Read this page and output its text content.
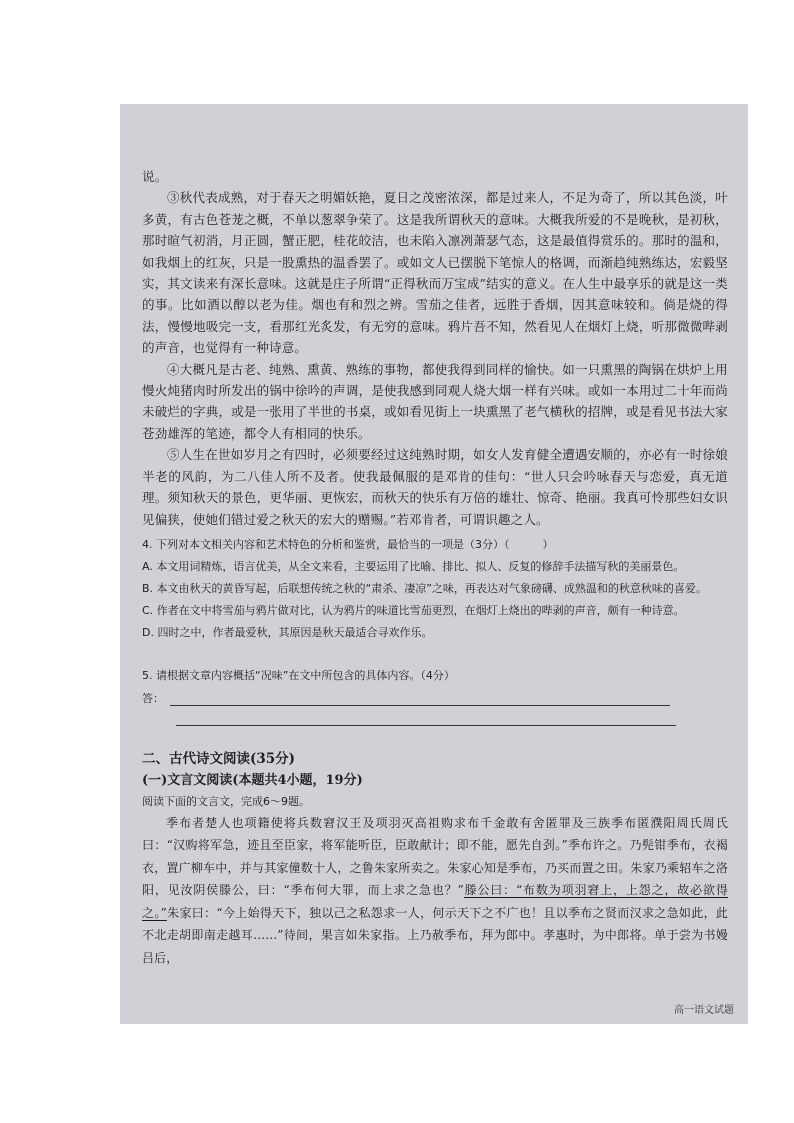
说。

③秋代表成熟，对于春天之明媚妖艳，夏日之茂密浓深，都是过来人，不足为奇了，所以其色淡，叶多黄，有古色苍茏之概，不单以葱翠争荣了。这是我所谓秋天的意味。大概我所爱的不是晚秋，是初秋，那时暄气初消，月正圆，蟹正肥，桂花皎洁，也未陷入凛冽萧瑟气态，这是最值得赏乐的。那时的温和，如我烟上的红灰，只是一股熏热的温香罢了。或如文人已摆脱下笔惊人的格调，而渐趋纯熟练达，宏毅坚实，其文读来有深长意味。这就是庄子所谓“正得秋而万宝成”结实的意义。在人生中最享乐的就是这一类的事。比如酒以醇以老为佳。烟也有和烈之辨。雪茄之佳者，远胜于香烟，因其意味较和。倘是烧的得法，慢慢地吸完一支，看那红光炙发，有无穷的意味。鸦片吾不知，然看见人在烟灯上烧，听那微微哔剥的声音，也觉得有一种诗意。

④大概凡是古老、纯熟、熏黄、熟练的事物，都使我得到同样的愉快。如一只熏黑的陶锅在烘炉上用慢火炖猪肉时所发出的锅中徐吟的声调，是使我感到同观人烧大烟一样有兴味。或如一本用过二十年而尚未破烂的字典，或是一张用了半世的书桌，或如看见街上一块熏黑了老气横秋的招牌，或是看见书法大家苍劲雄浑的笔迹，都令人有相同的快乐。

⑤人生在世如岁月之有四时，必须要经过这纯熟时期，如女人发育健全遭遇安顺的，亦必有一时徐娘半老的风韵，为二八佳人所不及者。使我最佩服的是邓肯的佳句：“世人只会吟咏春天与恋爱，真无道理。须知秋天的景色，更华丽、更恢宏，而秋天的快乐有万倍的雄壮、惊奇、艳丽。我真可怜那些妇女识见偏狭，使她们错过爱之秋天的宏大的赠赐。”若邓肯者，可谓识趣之人。

4. 下列对本文相关内容和艺术特色的分析和鉴赏，最恰当的一项是（3分）（　　　）

A. 本文用词精炼，语言优美，从全文来看，主要运用了比喻、排比、拟人、反复的修辞手法描写秋的美丽景色。

B. 本文由秋天的黄昏写起，后联想传统之秋的“肃杀、凄凉”之味，再表达对气象磅礴、成熟温和的秋意秋味的喜爱。

C. 作者在文中将雪茄与鸦片做对比，认为鸦片的味道比雪茄更烈，在烟灯上烧出的哔剥的声音，颇有一种诗意。

D. 四时之中，作者最爱秋，其原因是秋天最适合寻欢作乐。

5. 请根据文章内容概括“况味”在文中所包含的具体内容。（4分）

答：
二、古代诗文阅读(35分)
(一)文言文阅读(本题共4小题，19分)

阅读下面的文言文，完成6～9题。

季布者楚人也项籍使将兵数窘汉王及项羽灭高祖购求布千金敢有舍匿罪及三族季布匿濮阳周氏周氏曰：“汉购将军急，迹且至臣家，将军能听臣，臣敢献计；即不能，愿先自刭。”季布许之。乃髡钳季布，衣褐衣，置广柳车中，并与其家僮数十人，之鲁朱家所卖之。朱家心知是季布，乃买而置之田。朱家乃乘轺车之洛阳，见汝阴侯滕公，曰：“季布何大罪，而上求之急也？”滕公曰：“布数为项羽窘上，上怨之，故必欲得之。”朱家曰：“今上始得天下，独以己之私怨求一人，何示天下之不广也！且以季布之贤而汉求之急如此，此不北走胡即南走越耳……”待间，果言如朱家指。上乃赦季布，拜为郎中。孝惠时，为中郎将。单于尝为书嫚吕后，

高一语文试题
